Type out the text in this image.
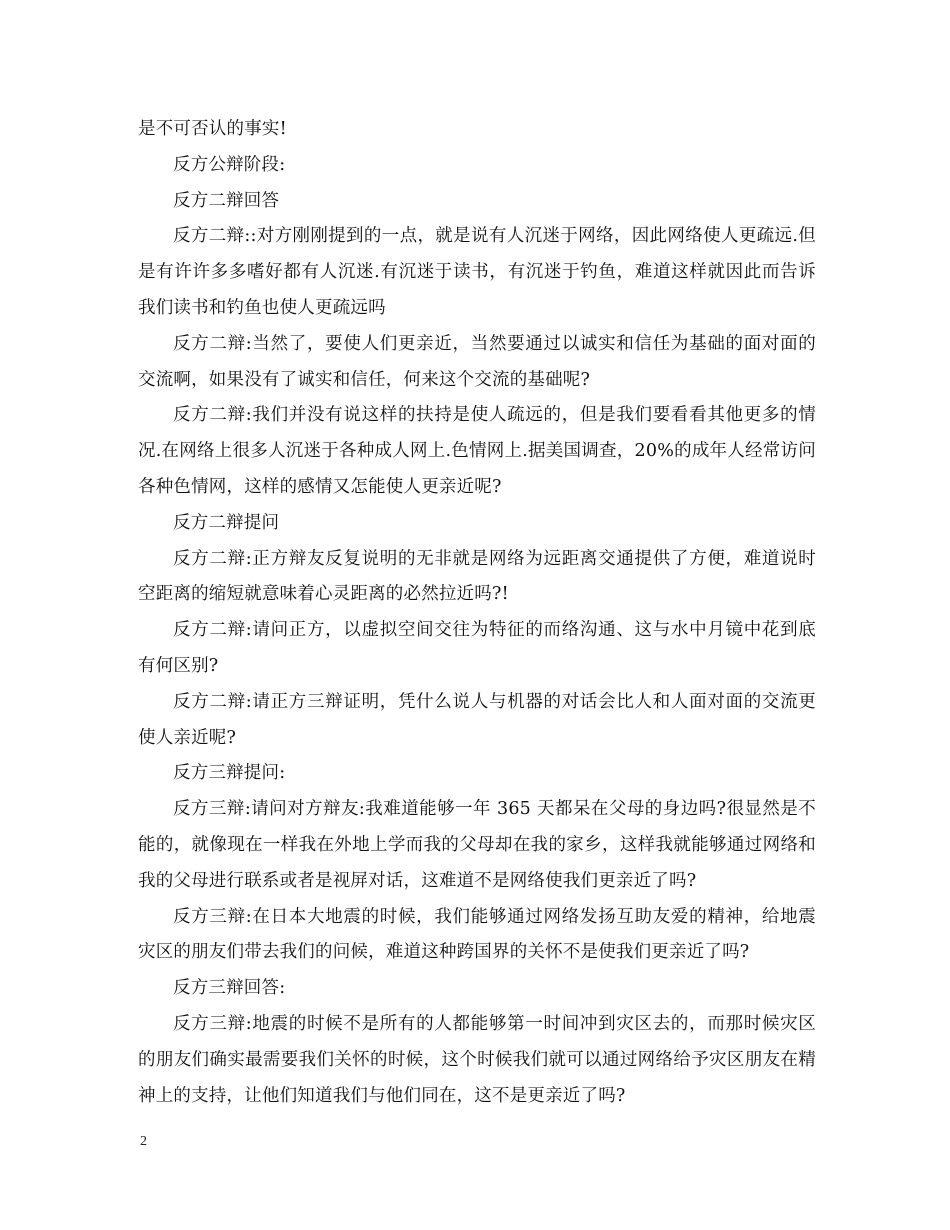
是不可否认的事实!

反方公辩阶段:

反方二辩回答

反方二辩::对方刚刚提到的一点，就是说有人沉迷于网络，因此网络使人更疏远.但是有许许多多嗜好都有人沉迷.有沉迷于读书，有沉迷于钓鱼，难道这样就因此而告诉我们读书和钓鱼也使人更疏远吗

反方二辩:当然了，要使人们更亲近，当然要通过以诚实和信任为基础的面对面的交流啊，如果没有了诚实和信任，何来这个交流的基础呢?

反方二辩:我们并没有说这样的扶持是使人疏远的，但是我们要看看其他更多的情况.在网络上很多人沉迷于各种成人网上.色情网上.据美国调查，20%的成年人经常访问各种色情网，这样的感情又怎能使人更亲近呢?

反方二辩提问

反方二辩:正方辩友反复说明的无非就是网络为远距离交通提供了方便，难道说时空距离的缩短就意味着心灵距离的必然拉近吗?!

反方二辩:请问正方，以虚拟空间交往为特征的而络沟通、这与水中月镜中花到底有何区别?

反方二辩:请正方三辩证明，凭什么说人与机器的对话会比人和人面对面的交流更使人亲近呢?

反方三辩提问:

反方三辩:请问对方辩友:我难道能够一年 365 天都呆在父母的身边吗?很显然是不能的，就像现在一样我在外地上学而我的父母却在我的家乡，这样我就能够通过网络和我的父母进行联系或者是视屏对话，这难道不是网络使我们更亲近了吗?

反方三辩:在日本大地震的时候，我们能够通过网络发扬互助友爱的精神，给地震灾区的朋友们带去我们的问候，难道这种跨国界的关怀不是使我们更亲近了吗?

反方三辩回答:

反方三辩:地震的时候不是所有的人都能够第一时间冲到灾区去的，而那时候灾区的朋友们确实最需要我们关怀的时候，这个时候我们就可以通过网络给予灾区朋友在精神上的支持，让他们知道我们与他们同在，这不是更亲近了吗?

2
